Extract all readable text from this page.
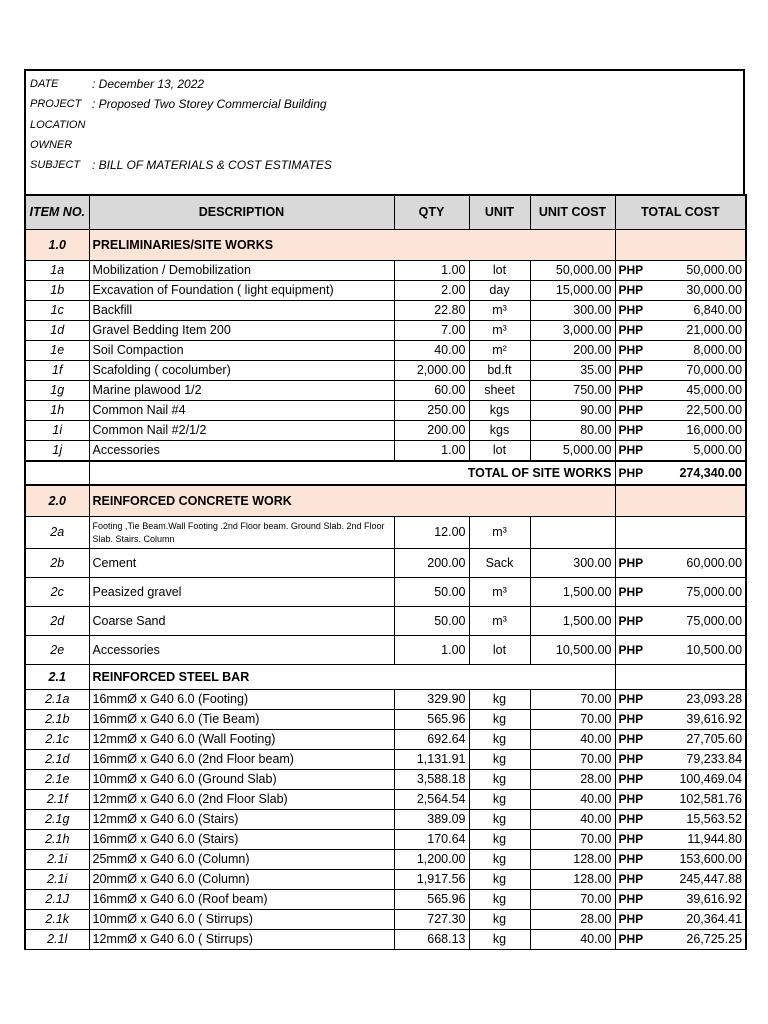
DATE	: December 13, 2022
PROJECT : Proposed Two Storey Commercial Building
LOCATION
OWNER
SUBJECT : BILL OF MATERIALS & COST ESTIMATES
ITEM NO.	DESCRIPTION	QTY	UNIT	UNIT COST	TOTAL COST	
1.0	PRELIMINARIES/SITE WORKS					
1a	Mobilization / Demobilization	1.00	lot	50,000.00	PHP	50,000.00
1b	Excavation of Foundation ( light equipment)	2.00	day	15,000.00	PHP	30,000.00
1c	Backfill	22.80	m³	300.00	PHP	6,840.00
1d	Gravel Bedding Item 200	7.00	m³	3,000.00	PHP	21,000.00
1e	Soil Compaction	40.00	m²	200.00	PHP	8,000.00
1f	Scafolding ( cocolumber)	2,000.00	bd.ft	35.00	PHP	70,000.00
1g	Marine plawood 1/2	60.00	sheet	750.00	PHP	45,000.00
1h	Common Nail #4	250.00	kgs	90.00	PHP	22,500.00
1i	Common Nail #2/1/2	200.00	kgs	80.00	PHP	16,000.00
1j	Accessories	1.00	lot	5,000.00	PHP	5,000.00
	TOTAL OF SITE WORKS				PHP	274,340.00
2.0	REINFORCED CONCRETE WORK					
2a	Footing ,Tie Beam.Wall Footing .2nd Floor beam. Ground Slab. 2nd Floor Slab. Stairs. Column	12.00	m³			
2b	Cement	200.00	Sack	300.00	PHP	60,000.00
2c	Peasized gravel	50.00	m³	1,500.00	PHP	75,000.00
2d	Coarse Sand	50.00	m³	1,500.00	PHP	75,000.00
2e	Accessories	1.00	lot	10,500.00	PHP	10,500.00
2.1	REINFORCED STEEL BAR					
2.1a	16mmØ x G40 6.0 (Footing)	329.90	kg	70.00	PHP	23,093.28
2.1b	16mmØ x G40 6.0 (Tie Beam)	565.96	kg	70.00	PHP	39,616.92
2.1c	12mmØ x G40 6.0 (Wall Footing)	692.64	kg	40.00	PHP	27,705.60
2.1d	16mmØ x G40 6.0 (2nd Floor beam)	1,131.91	kg	70.00	PHP	79,233.84
2.1e	10mmØ x G40 6.0 (Ground Slab)	3,588.18	kg	28.00	PHP	100,469.04
2.1f	12mmØ x G40 6.0 (2nd Floor Slab)	2,564.54	kg	40.00	PHP	102,581.76
2.1g	12mmØ x G40 6.0 (Stairs)	389.09	kg	40.00	PHP	15,563.52
2.1h	16mmØ x G40 6.0 (Stairs)	170.64	kg	70.00	PHP	11,944.80
2.1i	25mmØ x G40 6.0 (Column)	1,200.00	kg	128.00	PHP	153,600.00
2.1i	20mmØ x G40 6.0 (Column)	1,917.56	kg	128.00	PHP	245,447.88
2.1J	16mmØ x G40 6.0 (Roof beam)	565.96	kg	70.00	PHP	39,616.92
2.1k	10mmØ x G40 6.0 ( Stirrups)	727.30	kg	28.00	PHP	20,364.41
2.1l	12mmØ x G40 6.0 ( Stirrups)	668.13	kg	40.00	PHP	26,725.25
